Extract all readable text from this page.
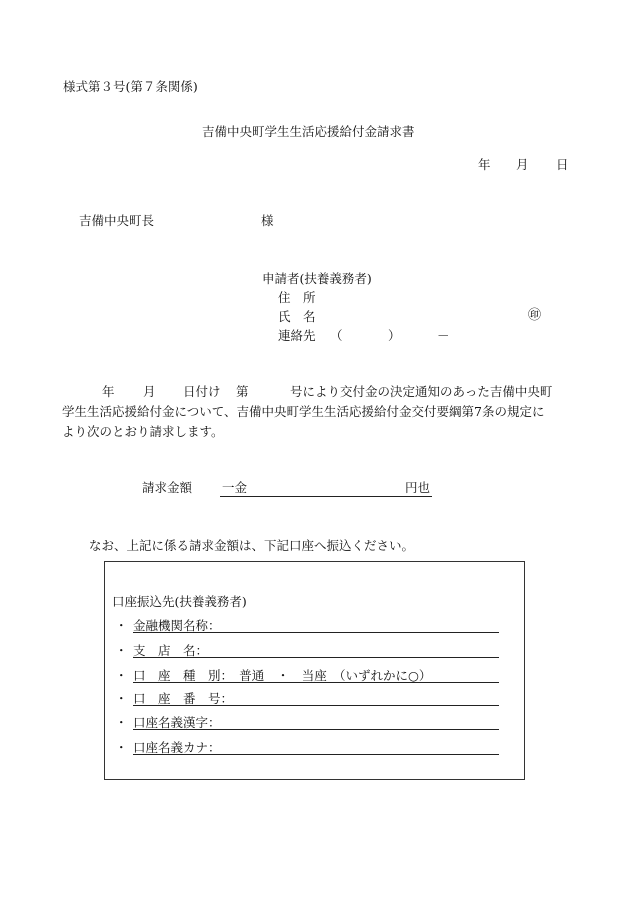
様式第３号(第７条関係)
吉備中央町学生生活応援給付金請求書
年 月 日
吉備中央町長	様
申請者(扶養義務者)
住　所
氏　名	㊞
連絡先 （	）	－
年 月 日付け 第	号により交付金の決定通知のあった吉備中央町
学生生活応援給付金について、吉備中央町学生生活応援給付金交付要綱第7条の規定に
より次のとおり請求します。
請求金額 一金	円也
なお、上記に係る請求金額は、下記口座へ振込ください。
口座振込先(扶養義務者)
・ 金融機関名称：
・ 支　店　名：
・ 口　座　種　別：　普通　・　当座　（いずれかに○）
・ 口　座　番　号：
・ 口座名義漢字：
・ 口座名義カナ：
